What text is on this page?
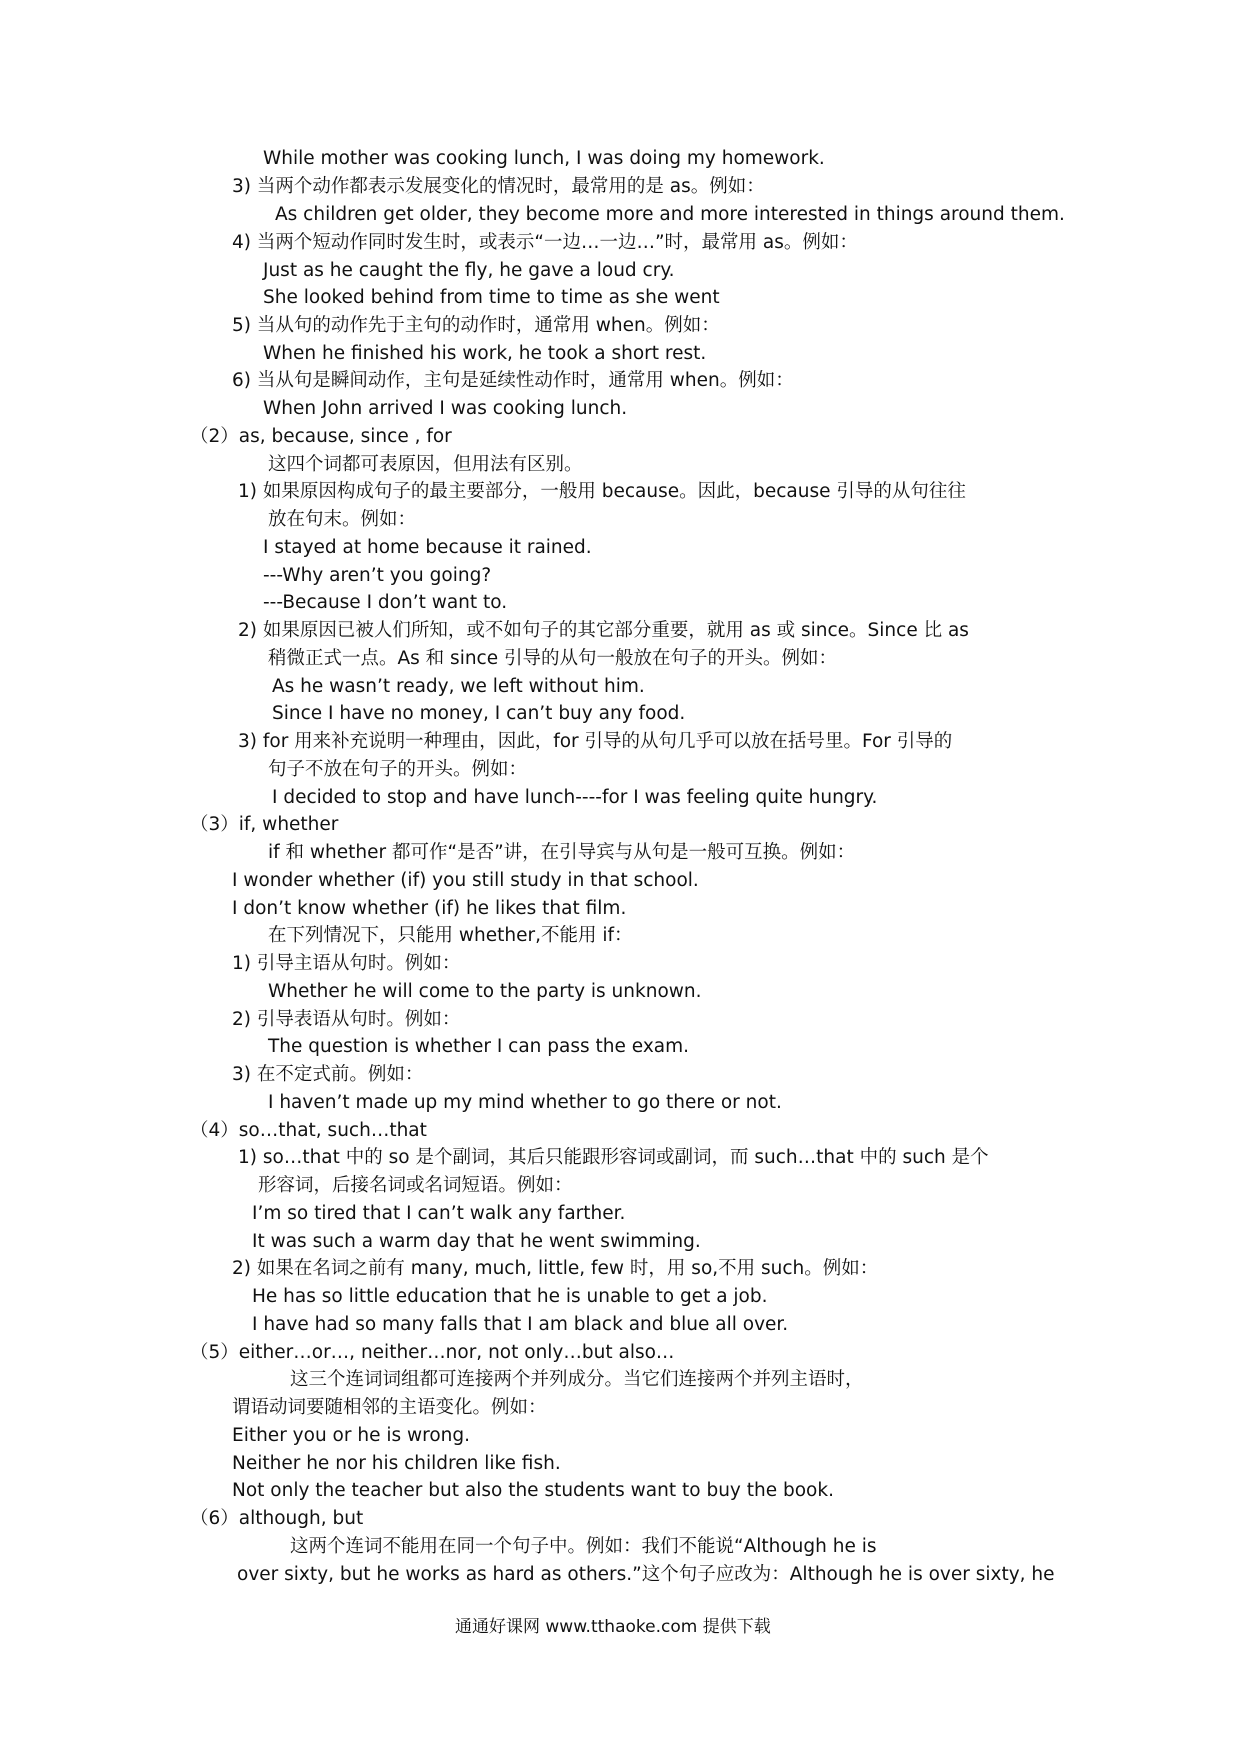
While mother was cooking lunch, I was doing my homework.
3) 当两个动作都表示发展变化的情况时，最常用的是 as。例如：
As children get older, they become more and more interested in things around them.
4) 当两个短动作同时发生时，或表示“一边…一边…”时，最常用 as。例如：
Just as he caught the fly, he gave a loud cry.
She looked behind from time to time as she went
5) 当从句的动作先于主句的动作时，通常用 when。例如：
When he finished his work, he took a short rest.
6) 当从句是瞬间动作，主句是延续性动作时，通常用 when。例如：
When John arrived I was cooking lunch.
（2）as, because, since , for
这四个词都可表原因，但用法有区别。
1) 如果原因构成句子的最主要部分，一般用 because。因此，because 引导的从句往往
放在句末。例如：
I stayed at home because it rained.
---Why aren’t you going?
---Because I don’t want to.
2) 如果原因已被人们所知，或不如句子的其它部分重要，就用 as 或 since。Since 比 as
稍微正式一点。As 和 since 引导的从句一般放在句子的开头。例如：
As he wasn’t ready, we left without him.
Since I have no money, I can’t buy any food.
3) for 用来补充说明一种理由，因此，for 引导的从句几乎可以放在括号里。For 引导的
句子不放在句子的开头。例如：
I decided to stop and have lunch----for I was feeling quite hungry.
（3）if, whether
if 和 whether 都可作“是否”讲，在引导宾与从句是一般可互换。例如：
I wonder whether (if) you still study in that school.
I don’t know whether (if) he likes that film.
在下列情况下，只能用 whether,不能用 if：
1) 引导主语从句时。例如：
Whether he will come to the party is unknown.
2) 引导表语从句时。例如：
The question is whether I can pass the exam.
3) 在不定式前。例如：
I haven’t made up my mind whether to go there or not.
（4）so…that, such…that
1) so…that 中的 so 是个副词，其后只能跟形容词或副词，而 such…that 中的 such 是个
形容词，后接名词或名词短语。例如：
I’m so tired that I can’t walk any farther.
It was such a warm day that he went swimming.
2) 如果在名词之前有 many, much, little, few 时，用 so,不用 such。例如：
He has so little education that he is unable to get a job.
I have had so many falls that I am black and blue all over.
（5）either…or…, neither…nor, not only…but also…
这三个连词词组都可连接两个并列成分。当它们连接两个并列主语时，
谓语动词要随相邻的主语变化。例如：
Either you or he is wrong.
Neither he nor his children like fish.
Not only the teacher but also the students want to buy the book.
（6）although, but
这两个连词不能用在同一个句子中。例如：我们不能说“Although he is
over sixty, but he works as hard as others.”这个句子应改为：Although he is over sixty, he
通通好课网 www.tthaoke.com 提供下载
